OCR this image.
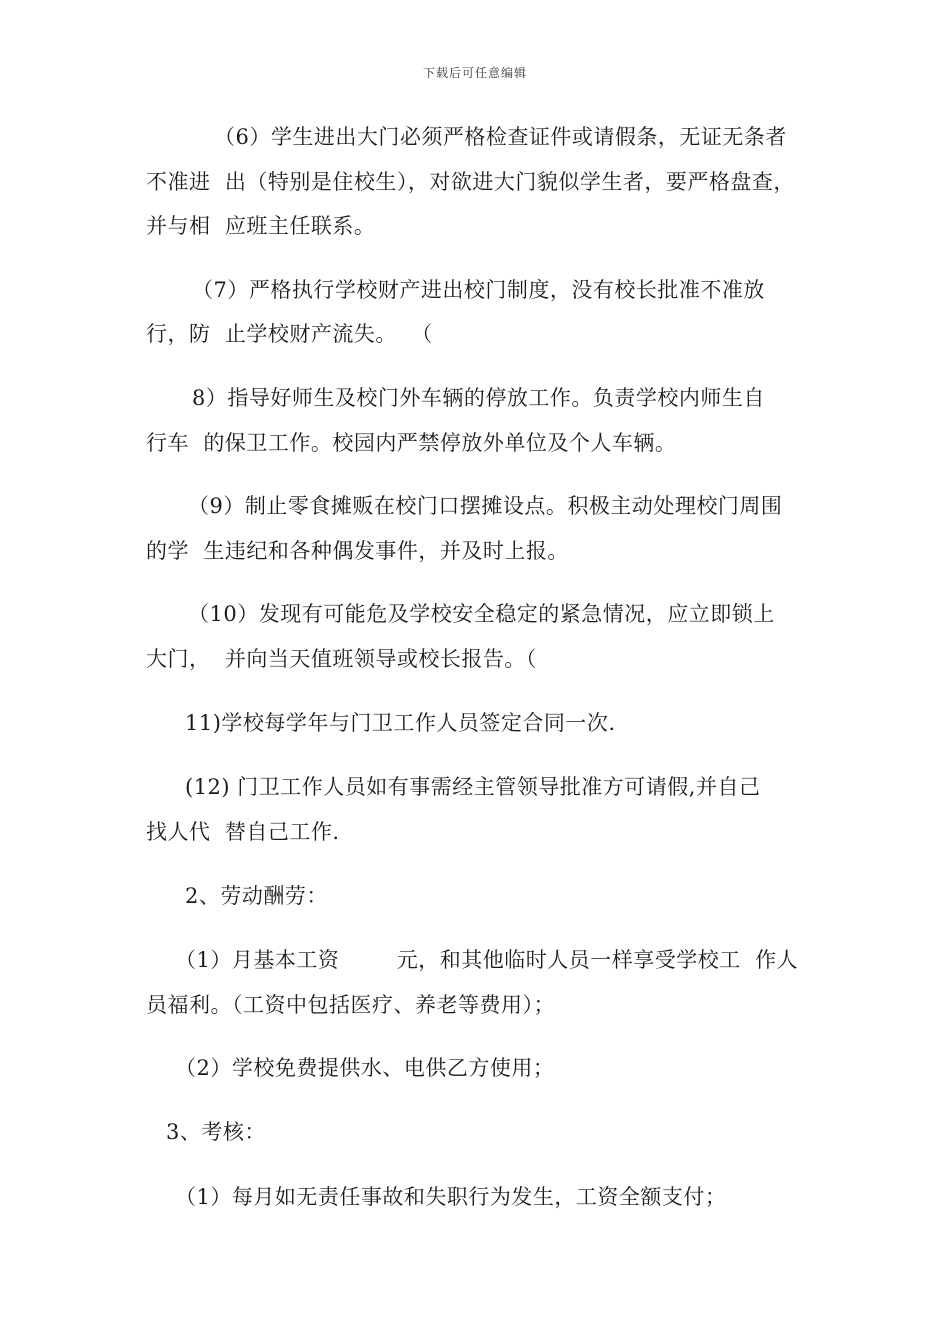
下载后可任意编辑
（6）学生进出大门必须严格检查证件或请假条，无证无条者
不准进  出（特别是住校生），对欲进大门貌似学生者，要严格盘查，
并与相  应班主任联系。
（7）严格执行学校财产进出校门制度，没有校长批准不准放
行，防  止学校财产流失。  （
8）指导好师生及校门外车辆的停放工作。负责学校内师生自
行车  的保卫工作。校园内严禁停放外单位及个人车辆。
（9）制止零食摊贩在校门口摆摊设点。积极主动处理校门周围
的学  生违纪和各种偶发事件，并及时上报。
（10）发现有可能危及学校安全稳定的紧急情况，应立即锁上
大门，  并向当天值班领导或校长报告。（
11)学校每学年与门卫工作人员签定合同一次.
(12) 门卫工作人员如有事需经主管领导批准方可请假,并自己
找人代  替自己工作.
2、劳动酬劳：
（1）月基本工资        元，和其他临时人员一样享受学校工  作人
员福利。（工资中包括医疗、养老等费用）；
（2）学校免费提供水、电供乙方使用；
3、考核：
（1）每月如无责任事故和失职行为发生，工资全额支付；
